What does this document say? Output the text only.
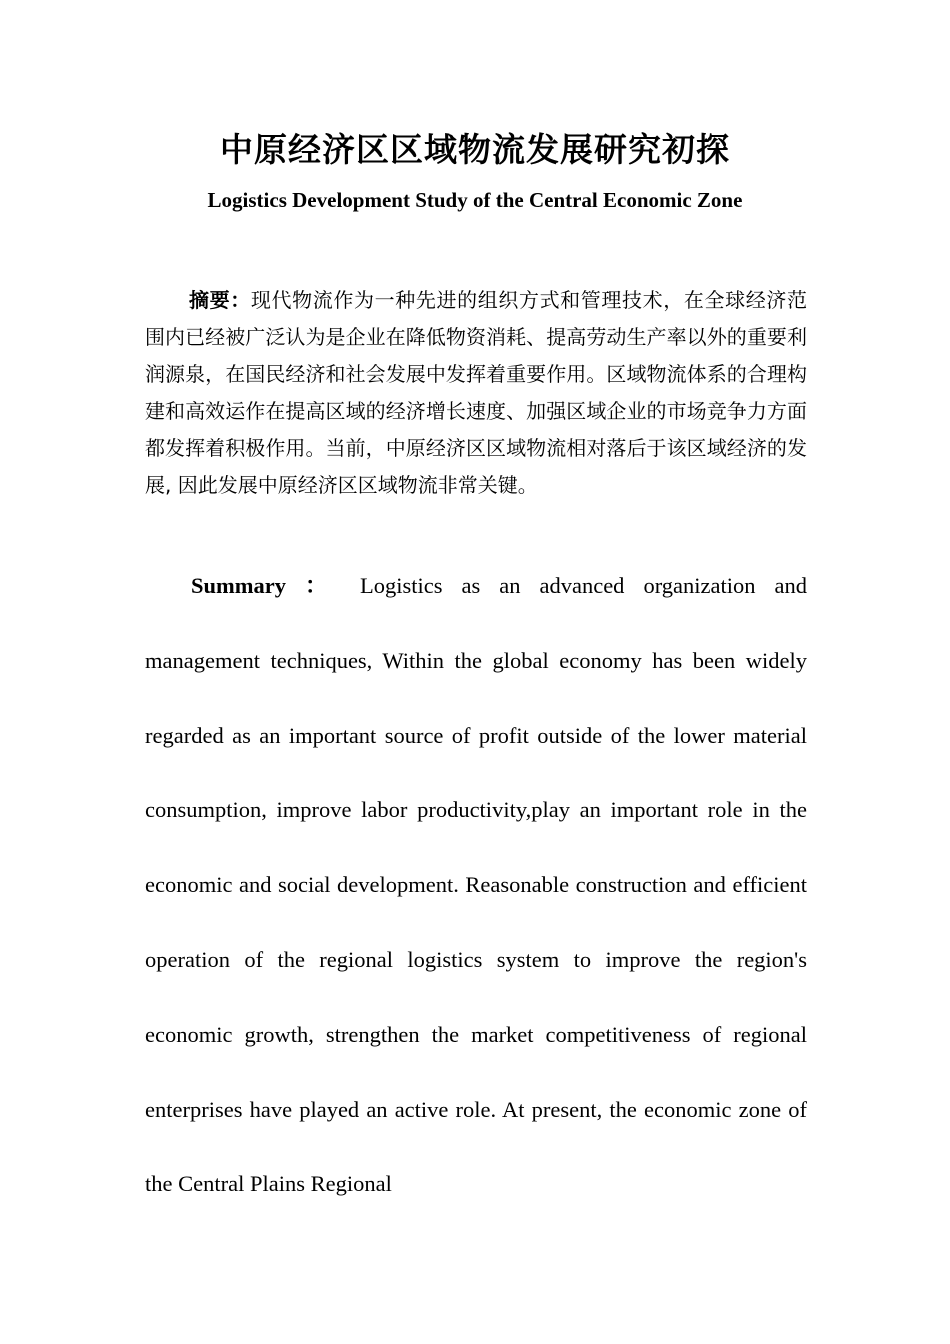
中原经济区区域物流发展研究初探
Logistics Development Study of the Central Economic Zone

摘要：现代物流作为一种先进的组织方式和管理技术，在全球经济范围内已经被广泛认为是企业在降低物资消耗、提高劳动生产率以外的重要利润源泉，在国民经济和社会发展中发挥着重要作用。区域物流体系的合理构建和高效运作在提高区域的经济增长速度、加强区域企业的市场竞争力方面都发挥着积极作用。当前，中原经济区区域物流相对落后于该区域经济的发展, 因此发展中原经济区区域物流非常关键。

Summary ： Logistics as an advanced organization and management techniques, Within the global economy has been widely regarded as an important source of profit outside of the lower material consumption, improve labor productivity,play an important role in the economic and social development. Reasonable construction and efficient operation of the regional logistics system to improve the region's economic growth, strengthen the market competitiveness of regional enterprises have played an active role. At present, the economic zone of the Central Plains Regional
